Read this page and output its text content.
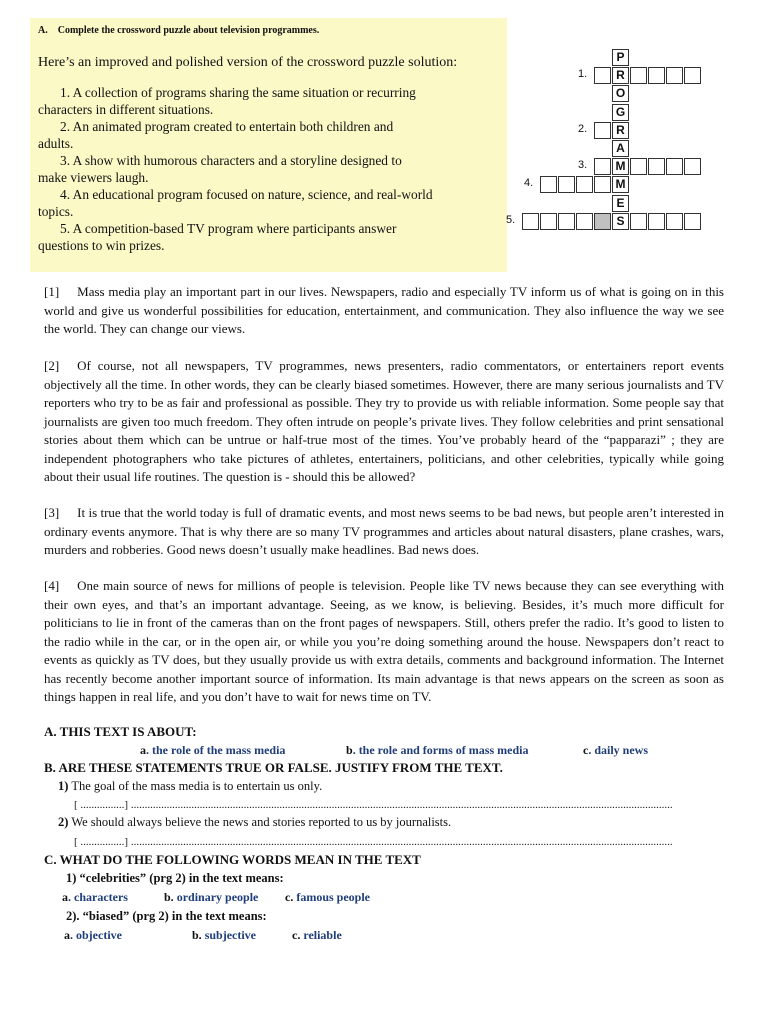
A.    Complete the crossword puzzle about television programmes.
Here’s an improved and polished version of the crossword puzzle solution:
1. A collection of programs sharing the same situation or recurring
characters in different situations.
2. An animated program created to entertain both children and
adults.
3. A show with humorous characters and a storyline designed to
make viewers laugh.
4. An educational program focused on nature, science, and real-world
topics.
5. A competition-based TV program where participants answer
questions to win prizes.
P
R
1.
O
G
R
2.
A
M
3.
M
4.
E
S
5.

[1] Mass media play an important part in our lives. Newspapers, radio and especially TV inform us of what is going on in this world and give us wonderful possibilities for education, entertainment, and communication. They also influence the way we see the world. They can change our views.

[2] Of course, not all newspapers, TV programmes, news presenters, radio commentators, or entertainers report events objectively all the time. In other words, they can be clearly biased sometimes. However, there are many serious journalists and TV reporters who try to be as fair and professional as possible. They try to provide us with reliable information. Some people say that journalists are given too much freedom. They often intrude on people’s private lives. They follow celebrities and print sensational stories about them which can be untrue or half-true most of the times. You’ve probably heard of the “papparazi” ; they are independent photographers who take pictures of athletes, entertainers, politicians, and other celebrities, typically while going about their usual life routines. The question is - should this be allowed?

[3] It is true that the world today is full of dramatic events, and most news seems to be bad news, but people aren’t interested in ordinary events anymore. That is why there are so many TV programmes and articles about natural disasters, plane crashes, wars, murders and robberies. Good news doesn’t usually make headlines. Bad news does.

[4] One main source of news for millions of people is television. People like TV news because they can see everything with their own eyes, and that’s an important advantage. Seeing, as we know, is believing. Besides, it’s much more difficult for politicians to lie in front of the cameras than on the front pages of newspapers. Still, others prefer the radio. It’s good to listen to the radio while in the car, or in the open air, or while you you’re doing something around the house. Newspapers don’t react to events as quickly as TV does, but they usually provide us with extra details, comments and background information. The Internet has recently become another important source of information. Its main advantage is that news appears on the screen as soon as things happen in real life, and you don’t have to wait for news time on TV.

A. THIS TEXT IS ABOUT:
a. the role of the mass media	b. the role and forms of mass media	c. daily news
B. ARE THESE STATEMENTS TRUE OR FALSE. JUSTIFY FROM THE TEXT.
1) The goal of the mass media is to entertain us only.
[ ................] .....................................................................................................................................................................................................
2) We should always believe the news and stories reported to us by journalists.
[ ................] .....................................................................................................................................................................................................
C. WHAT DO THE FOLLOWING WORDS MEAN IN THE TEXT
1) “celebrities” (prg 2) in the text means:
a. characters	b. ordinary people c. famous people
2). “biased” (prg 2) in the text means:
a. objective	b. subjective	c. reliable
